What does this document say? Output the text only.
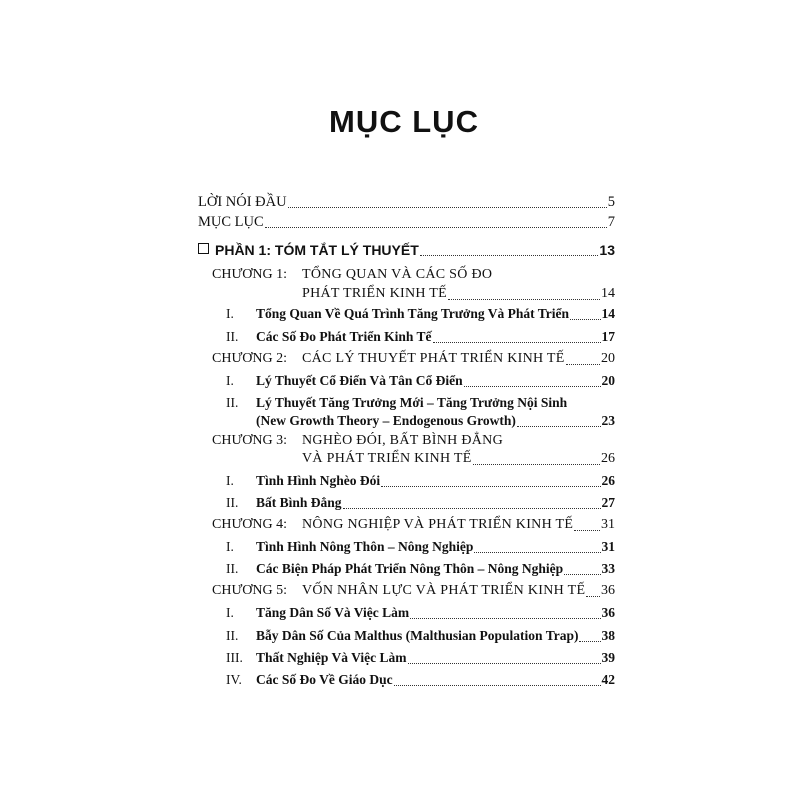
MỤC LỤC
LỜI NÓI ĐẦU	5
MỤC LỤC	7
PHẦN 1: TÓM TẮT LÝ THUYẾT	13
CHƯƠNG 1: TỔNG QUAN VÀ CÁC SỐ ĐO
PHÁT TRIỂN KINH TẾ	14
I. Tổng Quan Về Quá Trình Tăng Trưởng Và Phát Triển 14
II. Các Số Đo Phát Triển Kinh Tế	17
CHƯƠNG 2: CÁC LÝ THUYẾT PHÁT TRIỂN KINH TẾ	20
I. Lý Thuyết Cổ Điển Và Tân Cổ Điển	20
II. Lý Thuyết Tăng Trưởng Mới – Tăng Trưởng Nội Sinh
(New Growth Theory – Endogenous Growth)	23
CHƯƠNG 3: NGHÈO ĐÓI, BẤT BÌNH ĐẲNG
VÀ PHÁT TRIỂN KINH TẾ	26
I. Tình Hình Nghèo Đói	26
II. Bất Bình Đẳng	27
CHƯƠNG 4: NÔNG NGHIỆP VÀ PHÁT TRIỂN KINH TẾ 31
I. Tình Hình Nông Thôn – Nông Nghiệp	31
II. Các Biện Pháp Phát Triển Nông Thôn – Nông Nghiệp	33
CHƯƠNG 5: VỐN NHÂN LỰC VÀ PHÁT TRIỂN KINH TẾ 36
I. Tăng Dân Số Và Việc Làm	36
II. Bẫy Dân Số Của Malthus (Malthusian Population Trap) 38
III. Thất Nghiệp Và Việc Làm	39
IV. Các Số Đo Về Giáo Dục	42
